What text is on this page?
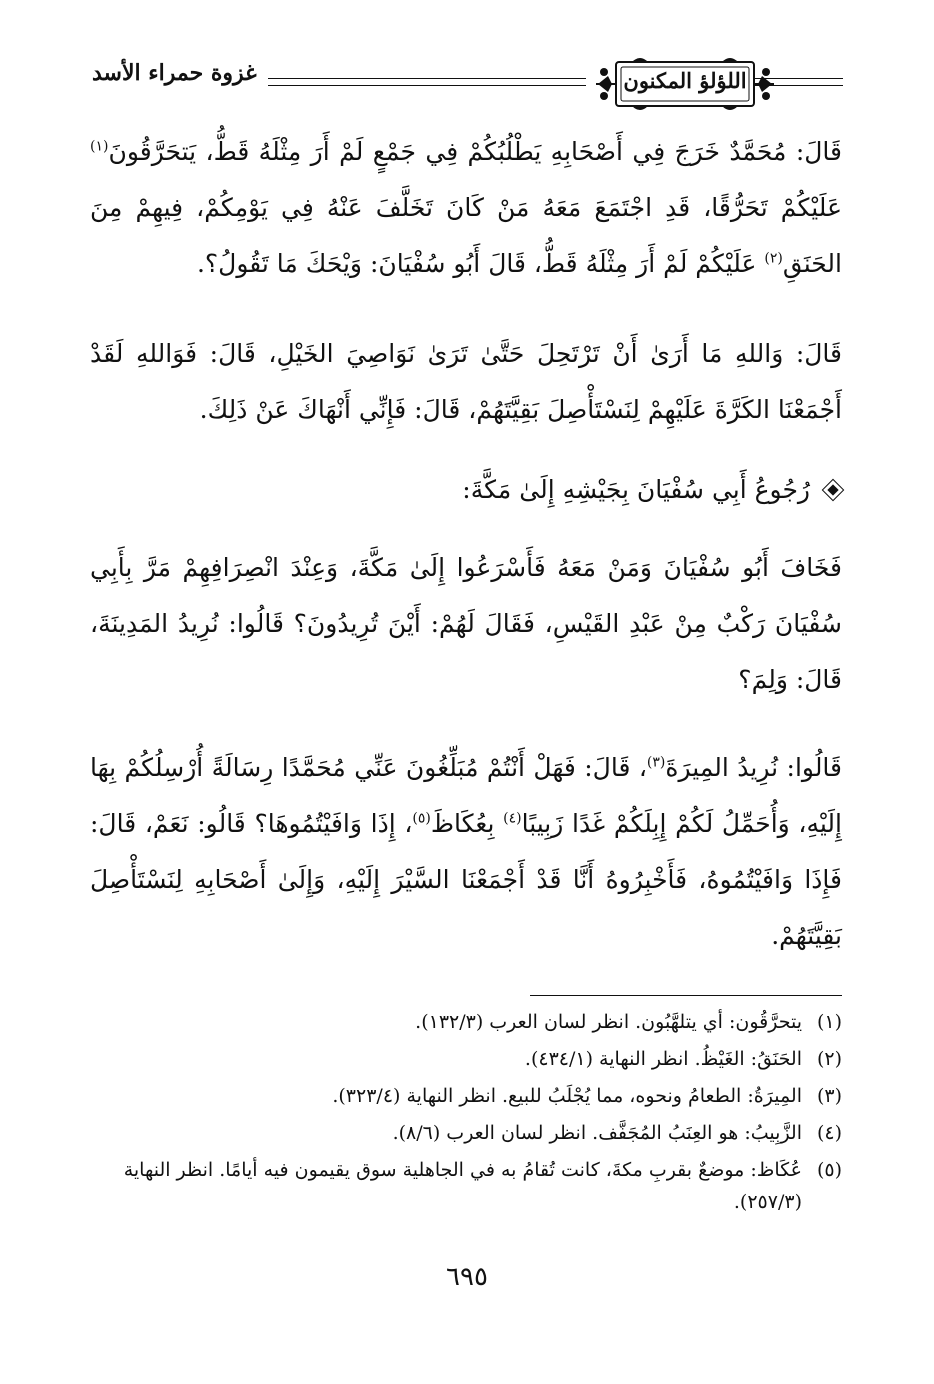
اللؤلؤ المكنون
غزوة حمراء الأسد
قَالَ: مُحَمَّدٌ خَرَجَ فِي أَصْحَابِهِ يَطْلُبُكُمْ فِي جَمْعٍ لَمْ أَرَ مِثْلَهُ قَطُّ، يَتحَرَّقُونَ$^{(١)}$ عَلَيْكُمْ تَحَرُّقًا، قَدِ اجْتَمَعَ مَعَهُ مَنْ كَانَ تَخَلَّفَ عَنْهُ فِي يَوْمِكُمْ، فِيهِمْ مِنَ الحَنَقِ$^{(٢)}$ عَلَيْكُمْ لَمْ أَرَ مِثْلَهُ قَطُّ، قَالَ أَبُو سُفْيَانَ: وَيْحَكَ مَا تَقُولُ؟.
قَالَ: وَاللهِ مَا أَرَىٰ أَنْ تَرْتَحِلَ حَتَّىٰ تَرَىٰ نَوَاصِيَ الخَيْلِ، قَالَ: فَوَاللهِ لَقَدْ أَجْمَعْنَا الكَرَّةَ عَلَيْهِمْ لِنَسْتَأْصِلَ بَقِيَّتَهُمْ، قَالَ: فَإِنِّي أَنْهَاكَ عَنْ ذَلِكَ.
رُجُوعُ أَبِي سُفْيَانَ بِجَيْشِهِ إِلَىٰ مَكَّةَ:
فَخَافَ أَبُو سُفْيَانَ وَمَنْ مَعَهُ فَأَسْرَعُوا إِلَىٰ مَكَّةَ، وَعِنْدَ انْصِرَافِهِمْ مَرَّ بِأَبِي سُفْيَانَ رَكْبٌ مِنْ عَبْدِ القَيْسِ، فَقَالَ لَهُمْ: أَيْنَ تُرِيدُونَ؟ قَالُوا: نُرِيدُ المَدِينَةَ، قَالَ: وَلِمَ؟
قَالُوا: نُرِيدُ المِيرَةَ$^{(٣)}$، قَالَ: فَهَلْ أَنْتُمْ مُبَلِّغُونَ عَنِّي مُحَمَّدًا رِسَالَةً أُرْسِلُكُمْ بِهَا إِلَيْهِ، وَأُحَمِّلُ لَكُمْ إِبِلَكُمْ غَدًا زَبِيبًا$^{(٤)}$ بِعُكَاظَ$^{(٥)}$، إِذَا وَافَيْتُمُوهَا؟ قَالُو: نَعَمْ، قَالَ: فَإِذَا وَافَيْتُمُوهُ، فَأَخْبِرُوهُ أَنَّا قَدْ أَجْمَعْنَا السَّيْرَ إِلَيْهِ، وَإِلَىٰ أَصْحَابِهِ لِنَسْتَأْصِلَ بَقِيَّتَهُمْ.
(١)
يتحرَّقُون: أي يتلهَّبُون. انظر لسان العرب (١٣٢/٣).
(٢)
الحَنَقُ: الغَيْظُ. انظر النهاية (٤٣٤/١).
(٣)
المِيرَةُ: الطعامُ ونحوه، مما يُجْلَبُ للبيع. انظر النهاية (٣٢٣/٤).
(٤)
الزَّبِيبُ: هو العِنَبُ المُجَفَّف. انظر لسان العرب (٨/٦).
(٥)
عُكَاظ: موضعٌ بقربِ مكةَ، كانت تُقامُ به في الجاهلية سوق يقيمون فيه أيامًا. انظر النهاية (٢٥٧/٣).
٦٩٥
